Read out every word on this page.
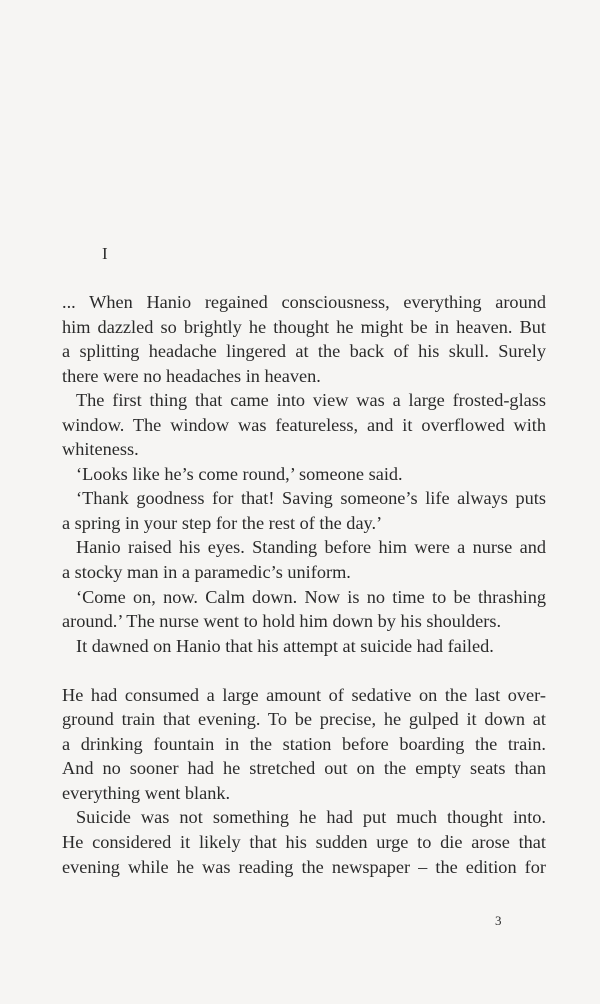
I
... When Hanio regained consciousness, everything around
him dazzled so brightly he thought he might be in heaven. But
a splitting headache lingered at the back of his skull. Surely
there were no headaches in heaven.
The first thing that came into view was a large frosted-glass
window. The window was featureless, and it overflowed with
whiteness.
‘Looks like he’s come round,’ someone said.
‘Thank goodness for that! Saving someone’s life always puts
a spring in your step for the rest of the day.’
Hanio raised his eyes. Standing before him were a nurse and
a stocky man in a paramedic’s uniform.
‘Come on, now. Calm down. Now is no time to be thrashing
around.’ The nurse went to hold him down by his shoulders.
It dawned on Hanio that his attempt at suicide had failed.
He had consumed a large amount of sedative on the last over-
ground train that evening. To be precise, he gulped it down at
a drinking fountain in the station before boarding the train.
And no sooner had he stretched out on the empty seats than
everything went blank.
Suicide was not something he had put much thought into.
He considered it likely that his sudden urge to die arose that
evening while he was reading the newspaper – the edition for
3
